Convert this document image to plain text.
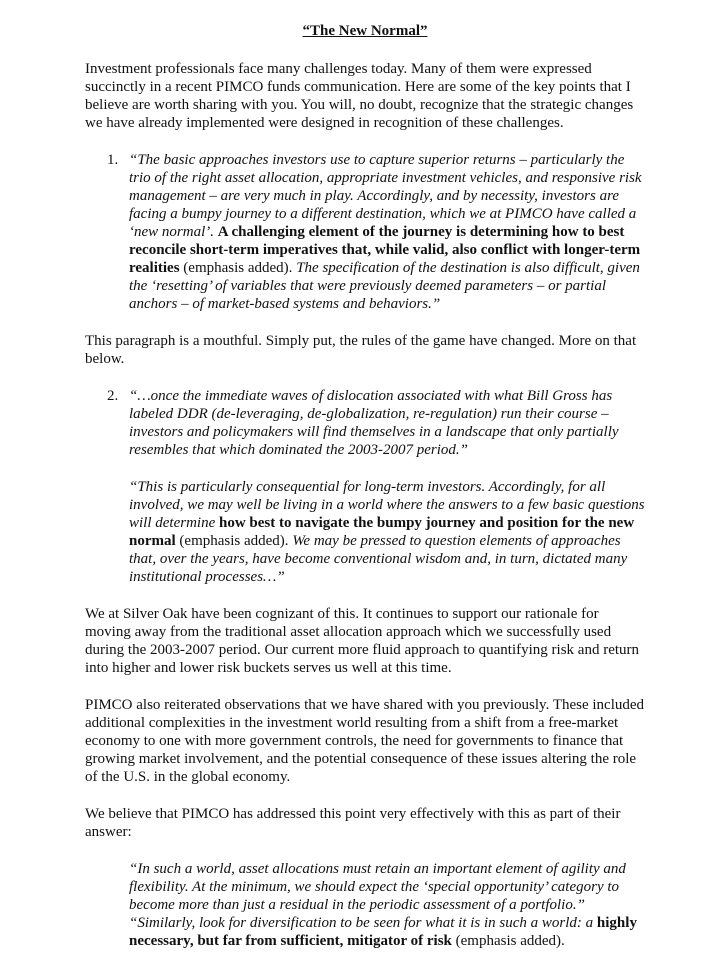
“The New Normal”

Investment professionals face many challenges today. Many of them were expressed succinctly in a recent PIMCO funds communication. Here are some of the key points that I believe are worth sharing with you. You will, no doubt, recognize that the strategic changes we have already implemented were designed in recognition of these challenges.

1. “The basic approaches investors use to capture superior returns – particularly the trio of the right asset allocation, appropriate investment vehicles, and responsive risk management – are very much in play. Accordingly, and by necessity, investors are facing a bumpy journey to a different destination, which we at PIMCO have called a ‘new normal’. A challenging element of the journey is determining how to best reconcile short-term imperatives that, while valid, also conflict with longer-term realities (emphasis added). The specification of the destination is also difficult, given the ‘resetting’ of variables that were previously deemed parameters – or partial anchors – of market-based systems and behaviors.”

This paragraph is a mouthful. Simply put, the rules of the game have changed. More on that below.

2. “…once the immediate waves of dislocation associated with what Bill Gross has labeled DDR (de-leveraging, de-globalization, re-regulation) run their course – investors and policymakers will find themselves in a landscape that only partially resembles that which dominated the 2003-2007 period.”
“This is particularly consequential for long-term investors. Accordingly, for all involved, we may well be living in a world where the answers to a few basic questions will determine how best to navigate the bumpy journey and position for the new normal (emphasis added). We may be pressed to question elements of approaches that, over the years, have become conventional wisdom and, in turn, dictated many institutional processes…”

We at Silver Oak have been cognizant of this. It continues to support our rationale for moving away from the traditional asset allocation approach which we successfully used during the 2003-2007 period. Our current more fluid approach to quantifying risk and return into higher and lower risk buckets serves us well at this time.

PIMCO also reiterated observations that we have shared with you previously. These included additional complexities in the investment world resulting from a shift from a free-market economy to one with more government controls, the need for governments to finance that growing market involvement, and the potential consequence of these issues altering the role of the U.S. in the global economy.

We believe that PIMCO has addressed this point very effectively with this as part of their answer:

“In such a world, asset allocations must retain an important element of agility and flexibility. At the minimum, we should expect the ‘special opportunity’ category to become more than just a residual in the periodic assessment of a portfolio.”
“Similarly, look for diversification to be seen for what it is in such a world: a highly necessary, but far from sufficient, mitigator of risk (emphasis added).
